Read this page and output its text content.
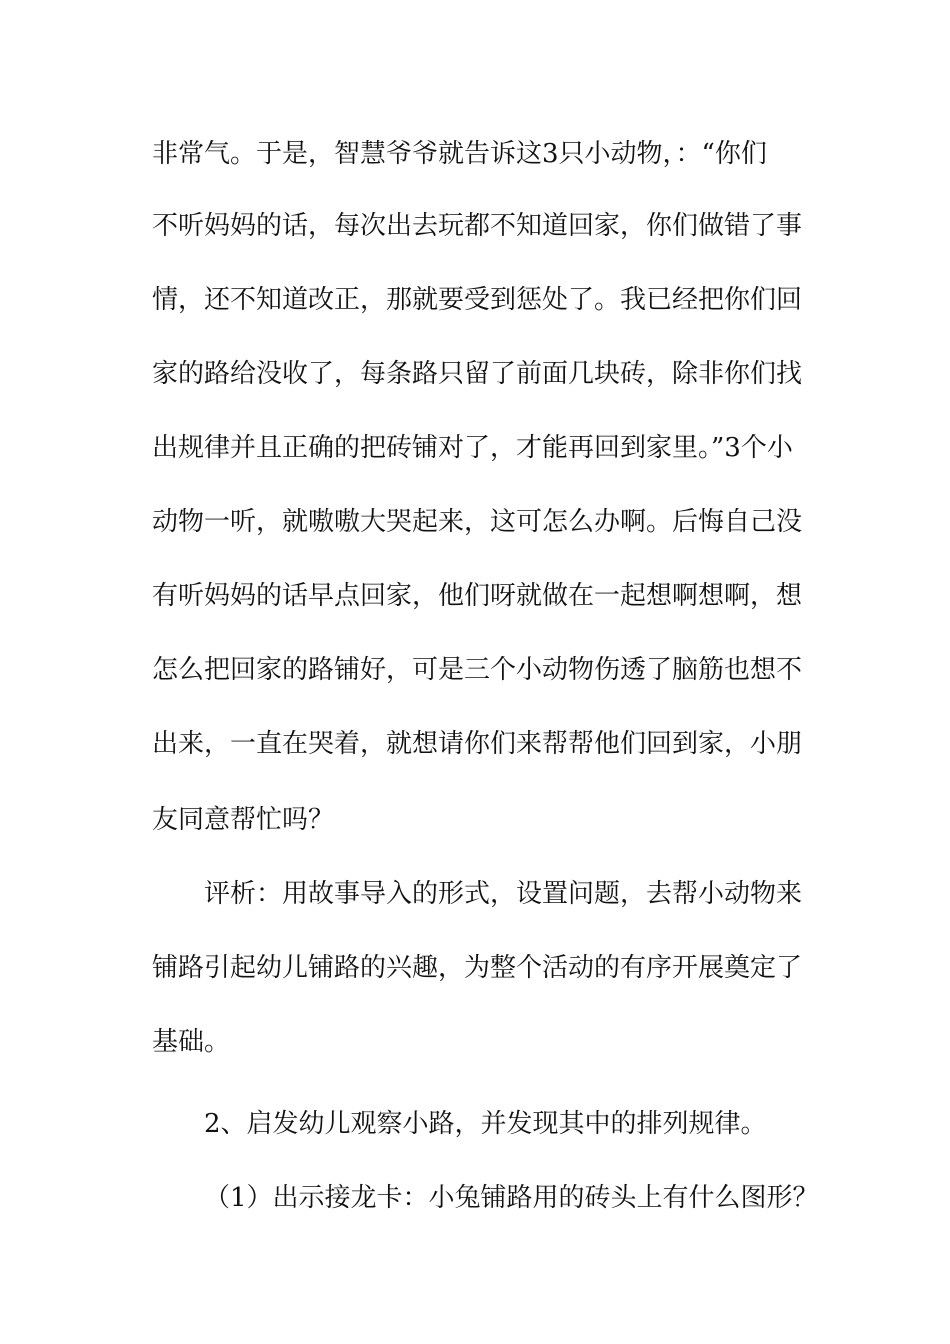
非常气。于是，智慧爷爷就告诉这3只小动物，：“你们
不听妈妈的话，每次出去玩都不知道回家，你们做错了事
情，还不知道改正，那就要受到惩处了。我已经把你们回
家的路给没收了，每条路只留了前面几块砖，除非你们找
出规律并且正确的把砖铺对了，才能再回到家里。”3个小
动物一听，就嗷嗷大哭起来，这可怎么办啊。后悔自己没
有听妈妈的话早点回家，他们呀就做在一起想啊想啊，想
怎么把回家的路铺好，可是三个小动物伤透了脑筋也想不
出来，一直在哭着，就想请你们来帮帮他们回到家，小朋
友同意帮忙吗？
评析：用故事导入的形式，设置问题，去帮小动物来
铺路引起幼儿铺路的兴趣，为整个活动的有序开展奠定了
基础。
2、启发幼儿观察小路，并发现其中的排列规律。
（1）出示接龙卡：小兔铺路用的砖头上有什么图形？
